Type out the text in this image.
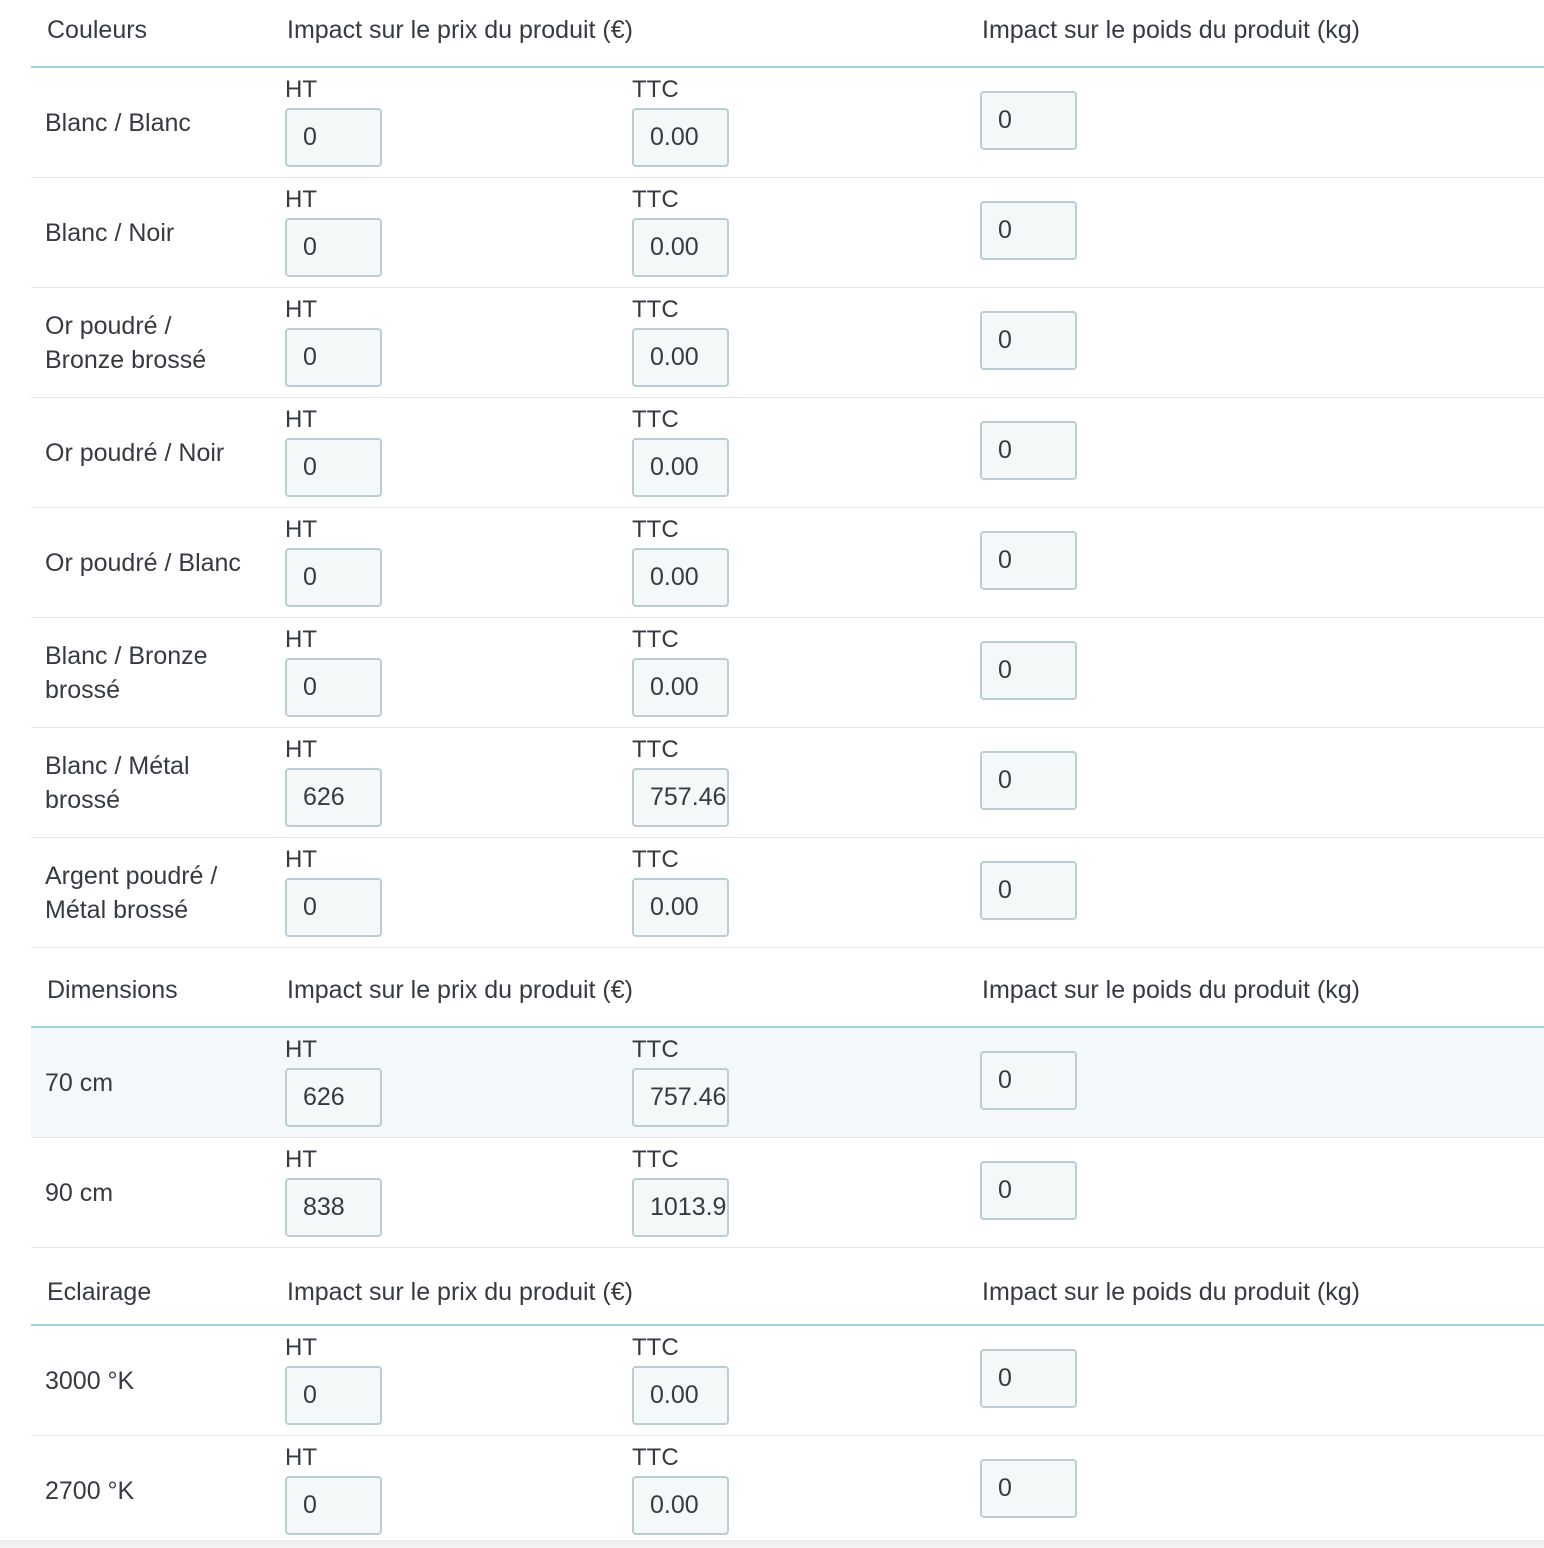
Couleurs	Impact sur le prix du produit (€)	Impact sur le poids du produit (kg)
Blanc / Blanc
HT	TTC
0
0.00
0
Blanc / Noir
HT	TTC
0
0.00
0
Or poudré / Bronze brossé
HT	TTC
0
0.00
0
Or poudré / Noir
HT	TTC
0
0.00
0
Or poudré / Blanc
HT	TTC
0
0.00
0
Blanc / Bronze brossé
HT	TTC
0
0.00
0
Blanc / Métal brossé
HT	TTC
626
757.46
0
Argent poudré / Métal brossé
HT	TTC
0
0.00
0
Dimensions	Impact sur le prix du produit (€)	Impact sur le poids du produit (kg)
70 cm
HT	TTC
626
757.46
0
90 cm
HT	TTC
838
1013.98
0
Eclairage	Impact sur le prix du produit (€)	Impact sur le poids du produit (kg)
3000 °K
HT	TTC
0
0.00
0
2700 °K
HT	TTC
0
0.00
0
